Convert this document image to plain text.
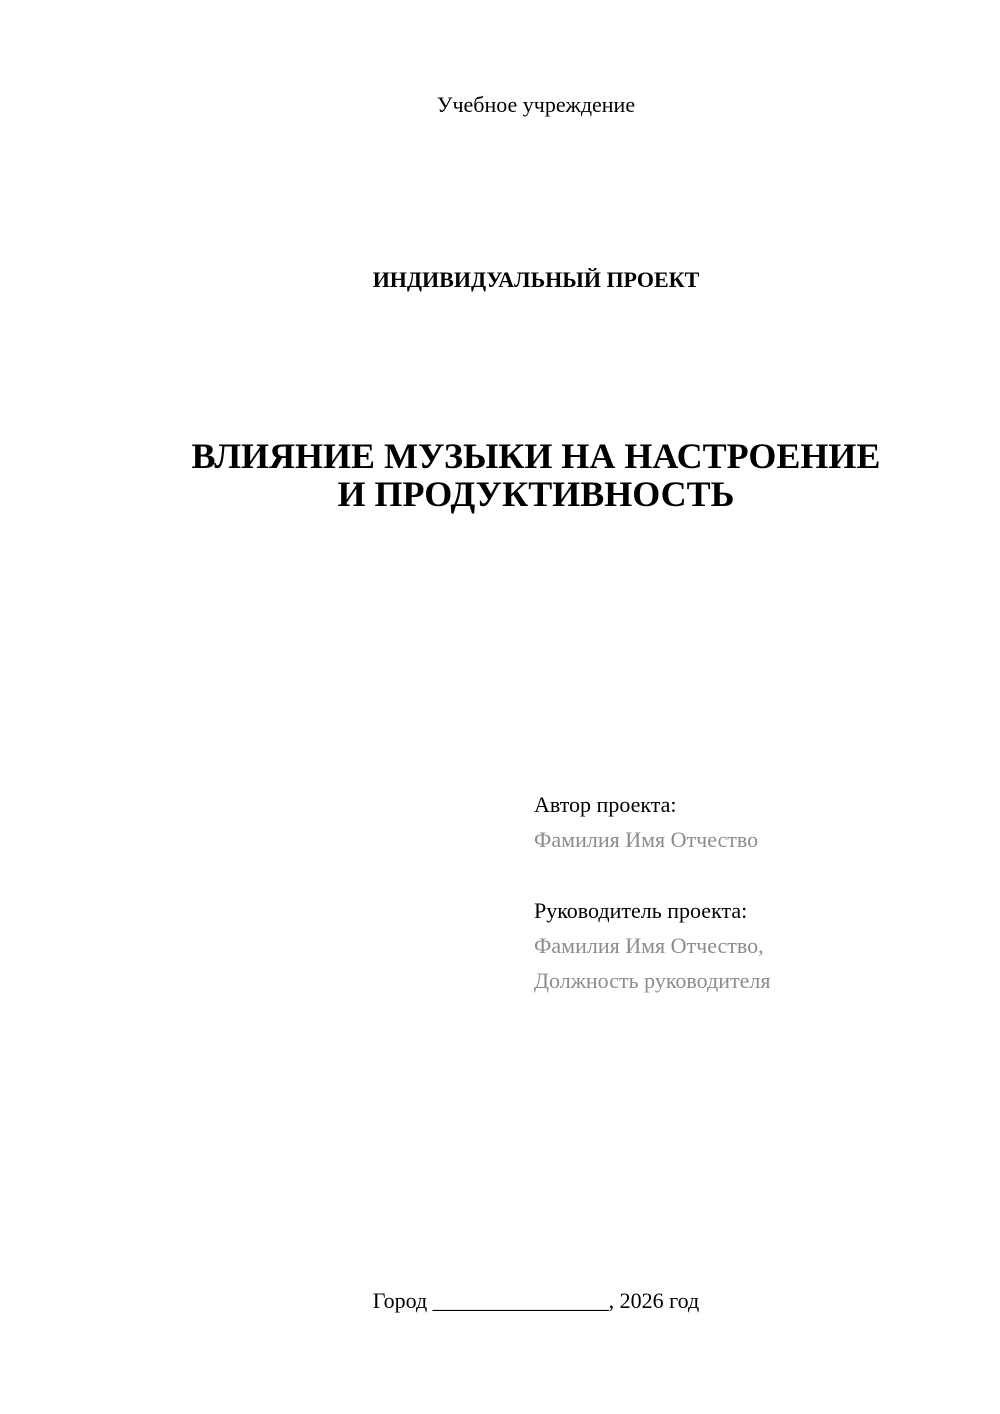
Учебное учреждение

ИНДИВИДУАЛЬНЫЙ ПРОЕКТ

ВЛИЯНИЕ МУЗЫКИ НА НАСТРОЕНИЕ
И ПРОДУКТИВНОСТЬ
Автор проекта:
Фамилия Имя Отчество
Руководитель проекта:
Фамилия Имя Отчество,
Должность руководителя

Город ________________, 2026 год
